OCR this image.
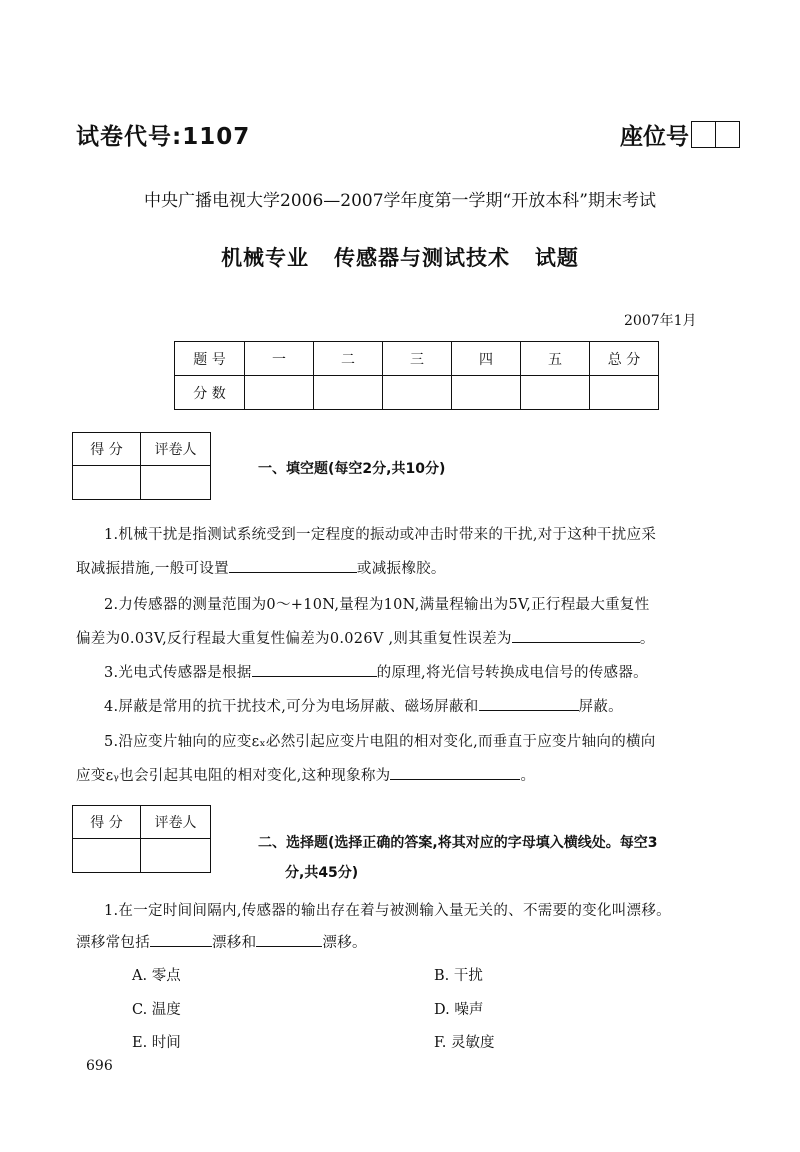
试卷代号:1107	座位号
中央广播电视大学2006—2007学年度第一学期“开放本科”期末考试
机械专业   传感器与测试技术   试题
2007年1月
题 号	一	二	三	四	五	总 分
分 数						
得 分	评卷人

一、填空题(每空2分,共10分)
1.机械干扰是指测试系统受到一定程度的振动或冲击时带来的干扰,对于这种干扰应采
取减振措施,一般可设置	或减振橡胶。
2.力传感器的测量范围为0～+10N,量程为10N,满量程输出为5V,正行程最大重复性
偏差为0.03V,反行程最大重复性偏差为0.026V ,则其重复性误差为	。
3.光电式传感器是根据	的原理,将光信号转换成电信号的传感器。
4.屏蔽是常用的抗干扰技术,可分为电场屏蔽、磁场屏蔽和	屏蔽。
5.沿应变片轴向的应变εₓ必然引起应变片电阻的相对变化,而垂直于应变片轴向的横向
应变εᵧ也会引起其电阻的相对变化,这种现象称为	。
得 分	评卷人

二、选择题(选择正确的答案,将其对应的字母填入横线处。每空3
分,共45分)
1.在一定时间间隔内,传感器的输出存在着与被测输入量无关的、不需要的变化叫漂移。
漂移常包括	漂移和	漂移。
A. 零点	B. 干扰
C. 温度	D. 噪声
E. 时间	F. 灵敏度
696
